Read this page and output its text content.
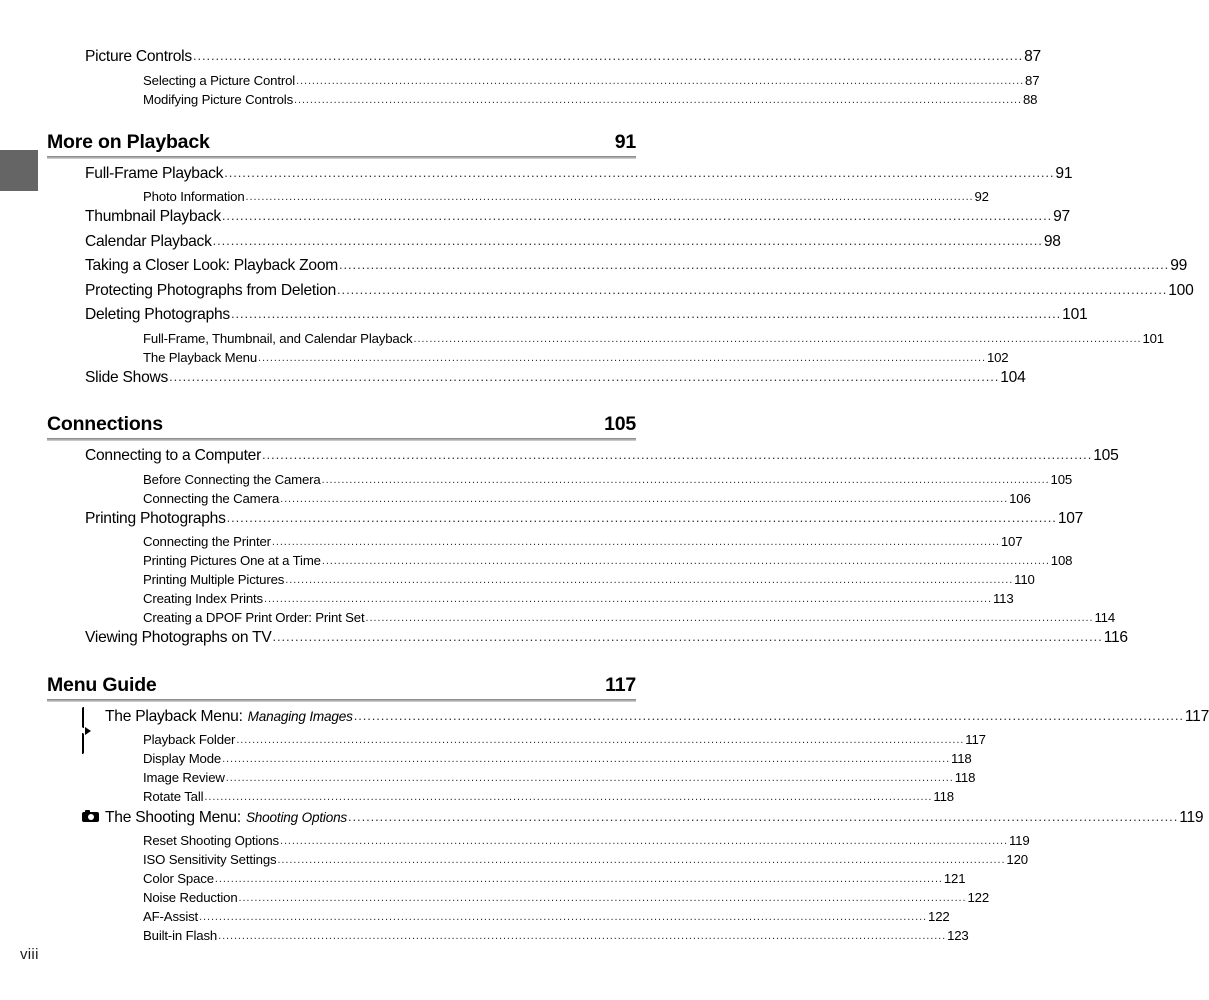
Picture Controls .....	87
Selecting a Picture Control .....	87
Modifying Picture Controls .....	88
More on Playback	91
Full-Frame Playback .....	91
Photo Information .....	92
Thumbnail Playback .....	97
Calendar Playback .....	98
Taking a Closer Look: Playback Zoom .....	99
Protecting Photographs from Deletion .....	100
Deleting Photographs .....	101
Full-Frame, Thumbnail, and Calendar Playback .....	101
The Playback Menu .....	102
Slide Shows .....	104
Connections	105
Connecting to a Computer .....	105
Before Connecting the Camera .....	105
Connecting the Camera .....	106
Printing Photographs .....	107
Connecting the Printer .....	107
Printing Pictures One at a Time .....	108
Printing Multiple Pictures .....	110
Creating Index Prints .....	113
Creating a DPOF Print Order: Print Set .....	114
Viewing Photographs on TV .....	116
Menu Guide	117
The Playback Menu: Managing Images .....	117
Playback Folder .....	117
Display Mode .....	118
Image Review .....	118
Rotate Tall .....	118
The Shooting Menu: Shooting Options .....	119
Reset Shooting Options .....	119
ISO Sensitivity Settings .....	120
Color Space .....	121
Noise Reduction .....	122
AF-Assist .....	122
Built-in Flash .....	123
viii
